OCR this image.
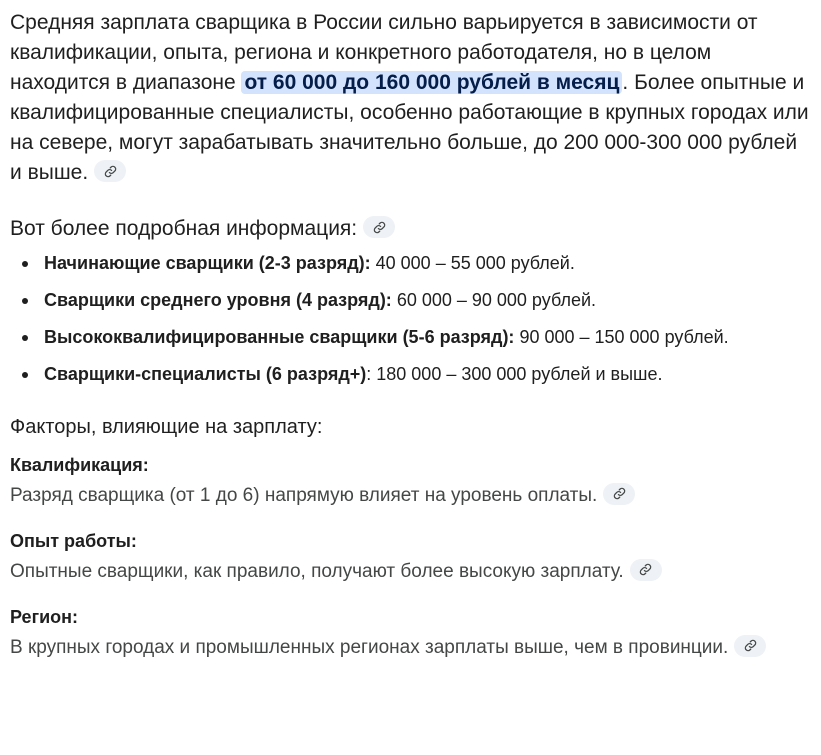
Средняя зарплата сварщика в России сильно варьируется в зависимости от квалификации, опыта, региона и конкретного работодателя, но в целом находится в диапазоне от 60 000 до 160 000 рублей в месяц . Более опытные и квалифицированные специалисты, особенно работающие в крупных городах или на севере, могут зарабатывать значительно больше, до 200 000-300 000 рублей и выше.

Вот более подробная информация:
Начинающие сварщики (2-3 разряд): 40 000 – 55 000 рублей.
Сварщики среднего уровня (4 разряд): 60 000 – 90 000 рублей.
Высококвалифицированные сварщики (5-6 разряд): 90 000 – 150 000 рублей.
Сварщики-специалисты (6 разряд+): 180 000 – 300 000 рублей и выше.
Факторы, влияющие на зарплату:
Квалификация:
Разряд сварщика (от 1 до 6) напрямую влияет на уровень оплаты.
Опыт работы:
Опытные сварщики, как правило, получают более высокую зарплату.
Регион:
В крупных городах и промышленных регионах зарплаты выше, чем в провинции.
